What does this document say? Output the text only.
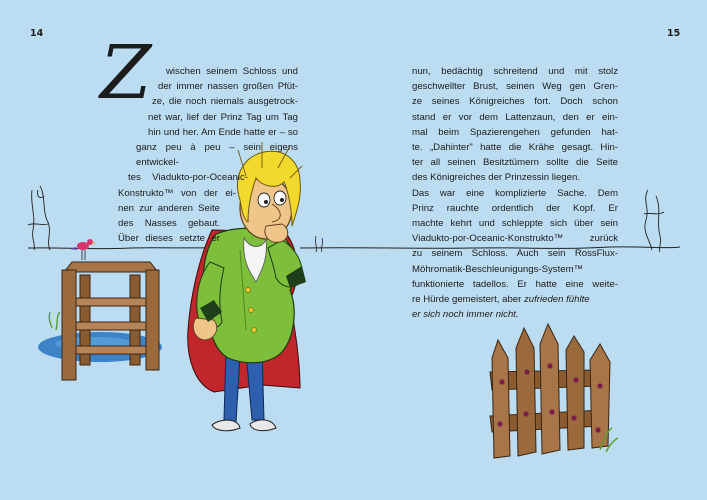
14	15
Z wischen seinem Schloss und
der immer nassen großen Pfüt-
ze, die noch niemals ausgetrock-
net war, lief der Prinz Tag um Tag
hin und her. Am Ende hatte er – so
ganz peu à peu – sein eigens entwickel-
tes Viadukto-por-Oceanic-
Konstrukto™ von der ei-
nen zur anderen Seite
des Nasses gebaut.
Über dieses setzte er
nun, bedächtig schreitend und mit stolz
geschwellter Brust, seinen Weg gen Gren-
ze seines Königreiches fort. Doch schon
stand er vor dem Lattenzaun, den er ein-
mal beim Spazierengehen gefunden hat-
te. „Dahinter" hatte die Krähe gesagt. Hin-
ter all seinen Besitztümern sollte die Seite
des Königreiches der Prinzessin liegen.
Das war eine komplizierte Sache. Dem
Prinz rauchte ordentlich der Kopf. Er
machte kehrt und schleppte sich über sein
Viadukto-por-Oceanic-Konstrukto™ zurück
zu seinem Schloss. Auch sein RossFlux-
Möhromatik-Beschleunigungs-System™
funktionierte tadellos. Er hatte eine weite-
re Hürde gemeistert, aber zufrieden fühlte
er sich noch immer nicht.
